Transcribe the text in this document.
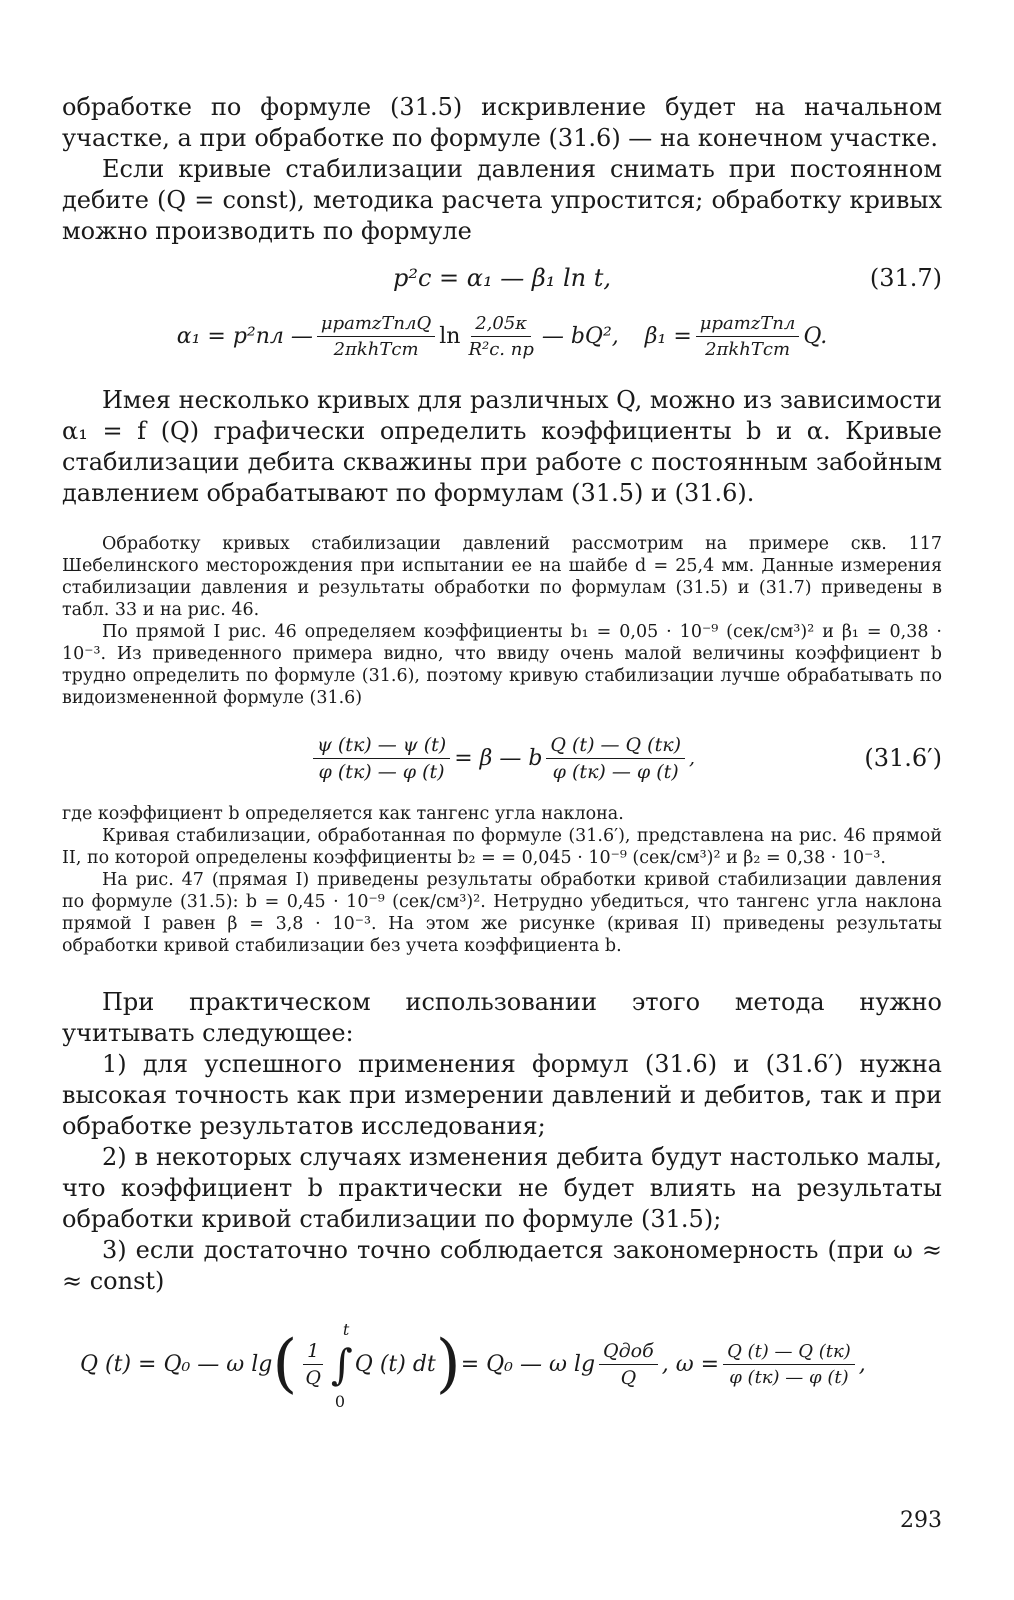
обработке по формуле (31.5) искривление будет на начальном участке, а при обработке по формуле (31.6) — на конечном участке.

Если кривые стабилизации давления снимать при постоянном дебите (Q = const), методика расчета упростится; обработку кривых можно производить по формуле

p²с = α₁ — β₁ ln t,	(31.7)
α₁ = p²пл — $\frac{\text{μpатzTплQ}}{\text{2πkhTст}}$ $\ln \frac{2,05\kappa}{\text{R²с. пр}}$ — bQ², $\beta_1 = \frac{\text{μpатzTпл}}{\text{2πkhTст}} Q$.

Имея несколько кривых для различных Q, можно из зависимости α₁ = f (Q) графически определить коэффициенты b и α. Кривые стабилизации дебита скважины при работе с постоянным забойным давлением обрабатывают по формулам (31.5) и (31.6).

Обработку кривых стабилизации давлений рассмотрим на примере скв. 117 Шебелинского месторождения при испытании ее на шайбе d = 25,4 мм. Данные измерения стабилизации давления и результаты обработки по формулам (31.5) и (31.7) приведены в табл. 33 и на рис. 46.

По прямой I рис. 46 определяем коэффициенты b₁ = 0,05 · 10⁻⁹ (сек/см³)² и β₁ = 0,38 · 10⁻³. Из приведенного примера видно, что ввиду очень малой величины коэффициент b трудно определить по формуле (31.6), поэтому кривую стабилизации лучше обрабатывать по видоизмененной формуле (31.6)

$\frac{\psi (tк) — \psi (t)}{\varphi (tк) — \varphi (t)} = \beta$ — b $\frac{Q (t) — Q (tк)}{\varphi (tк) — \varphi (t)}$ ,	(31.6′)

где коэффициент b определяется как тангенс угла наклона.

Кривая стабилизации, обработанная по формуле (31.6′), представлена на рис. 46 прямой II, по которой определены коэффициенты b₂ = = 0,045 · 10⁻⁹ (сек/см³)² и β₂ = 0,38 · 10⁻³.

На рис. 47 (прямая I) приведены результаты обработки кривой стабилизации давления по формуле (31.5): b = 0,45 · 10⁻⁹ (сек/см³)². Нетрудно убедиться, что тангенс угла наклона прямой I равен β = 3,8 · 10⁻³. На этом же рисунке (кривая II) приведены результаты обработки кривой стабилизации без учета коэффициента b.

При практическом использовании этого метода нужно учитывать следующее:

1) для успешного применения формул (31.6) и (31.6′) нужна высокая точность как при измерении давлений и дебитов, так и при обработке результатов исследования;

2) в некоторых случаях изменения дебита будут настолько малы, что коэффициент b практически не будет влиять на результаты обработки кривой стабилизации по формуле (31.5);

3) если достаточно точно соблюдается закономерность (при ω ≈ ≈ const)

Q (t) = Q₀ — ω lg ( $\frac{1}{Q}$ ∫
t
0
Q (t) dt ) = Q₀ — ω $\lg \frac{\text{Qдоб}}{Q}$ , $\omega = \frac{Q (t) — Q (tк)}{\varphi (tк) — \varphi (t)}$ ,
293
